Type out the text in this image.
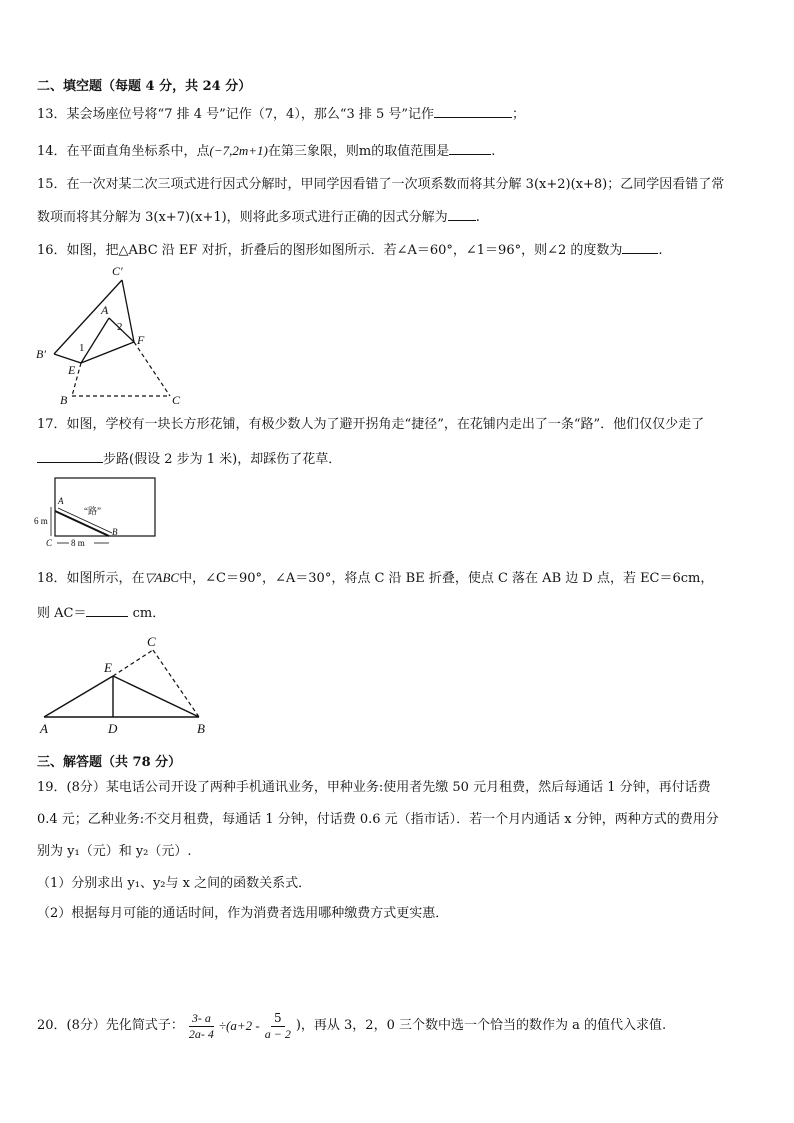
二、填空题（每题 4 分，共 24 分）
13．某会场座位号将“7 排 4 号”记作（7，4），那么“3 排 5 号”记作	；
14．在平面直角坐标系中，点(−7,2m+1)在第三象限，则m的取值范围是	.
15．在一次对某二次三项式进行因式分解时，甲同学因看错了一次项系数而将其分解 3(x+2)(x+8)；乙同学因看错了常
数项而将其分解为 3(x+7)(x+1)，则将此多项式进行正确的因式分解为 .
16．如图，把△ABC 沿 EF 对折，折叠后的图形如图所示．若∠A＝60°，∠1＝96°，则∠2 的度数为	.
C′
A
2
F
B′	1
E
B	C
17．如图，学校有一块长方形花铺，有极少数人为了避开拐角走“捷径”，在花铺内走出了一条“路”．他们仅仅少走了
步路(假设 2 步为 1 米)，却踩伤了花草．
A
“路”
6 m
B
C 8 m
18．如图所示，在▽ABC中，∠C＝90°，∠A＝30°，将点 C 沿 BE 折叠，使点 C 落在 AB 边 D 点，若 EC＝6cm，
则 AC＝	cm．
C
E
A	D	B
三、解答题（共 78 分）
19．(8分）某电话公司开设了两种手机通讯业务，甲种业务:使用者先缴 50 元月租费，然后每通话 1 分钟，再付话费
0.4 元；乙种业务:不交月租费，每通话 1 分钟，付话费 0.6 元（指市话）．若一个月内通话 x 分钟，两种方式的费用分
别为 y₁（元）和 y₂（元）.
（1）分别求出 y₁、y₂与 x 之间的函数关系式．
（2）根据每月可能的通话时间，作为消费者选用哪种缴费方式更实惠．
20．(8分）先化简式子： $\frac{3- a}{2a- 4} \div(a+2 - \frac{5}{a - 2}$ )，再从 3，2，0 三个数中选一个恰当的数作为 a 的值代入求值.
